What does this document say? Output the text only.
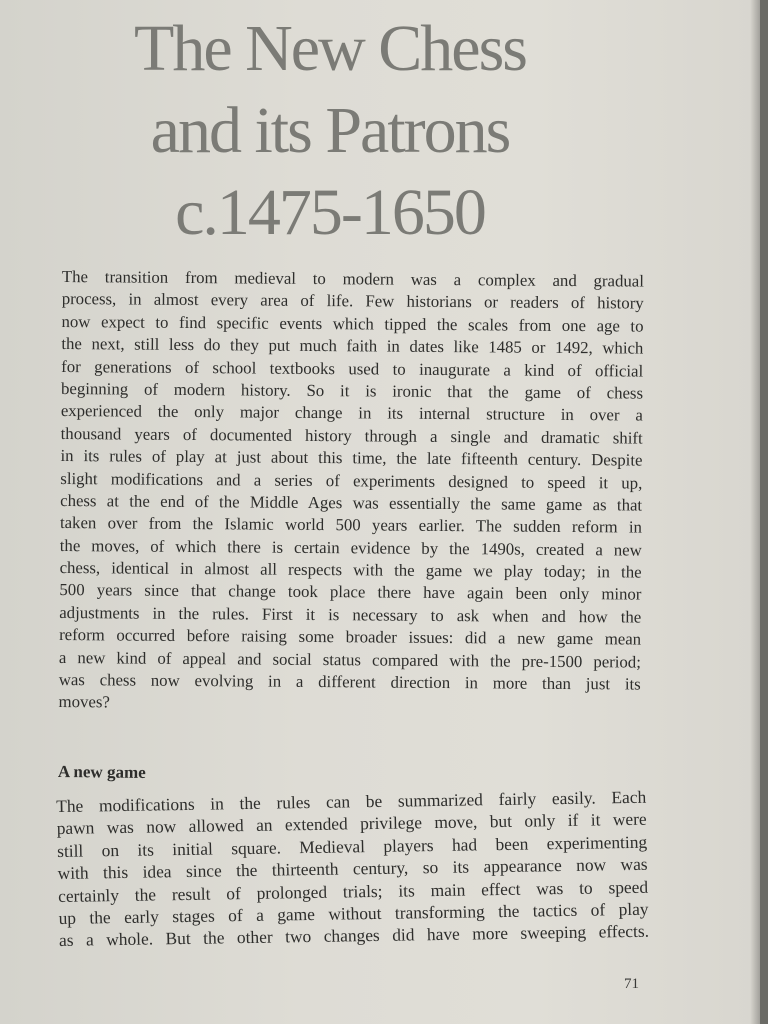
The New Chess
and its Patrons
c.1475-1650
The transition from medieval to modern was a complex and gradual
process, in almost every area of life. Few historians or readers of history
now expect to find specific events which tipped the scales from one age to
the next, still less do they put much faith in dates like 1485 or 1492, which
for generations of school textbooks used to inaugurate a kind of official
beginning of modern history. So it is ironic that the game of chess
experienced the only major change in its internal structure in over a
thousand years of documented history through a single and dramatic shift
in its rules of play at just about this time, the late fifteenth century. Despite
slight modifications and a series of experiments designed to speed it up,
chess at the end of the Middle Ages was essentially the same game as that
taken over from the Islamic world 500 years earlier. The sudden reform in
the moves, of which there is certain evidence by the 1490s, created a new
chess, identical in almost all respects with the game we play today; in the
500 years since that change took place there have again been only minor
adjustments in the rules. First it is necessary to ask when and how the
reform occurred before raising some broader issues: did a new game mean
a new kind of appeal and social status compared with the pre-1500 period;
was chess now evolving in a different direction in more than just its
moves?
A new game
The modifications in the rules can be summarized fairly easily. Each
pawn was now allowed an extended privilege move, but only if it were
still on its initial square. Medieval players had been experimenting
with this idea since the thirteenth century, so its appearance now was
certainly the result of prolonged trials; its main effect was to speed
up the early stages of a game without transforming the tactics of play
as a whole. But the other two changes did have more sweeping effects.
71
